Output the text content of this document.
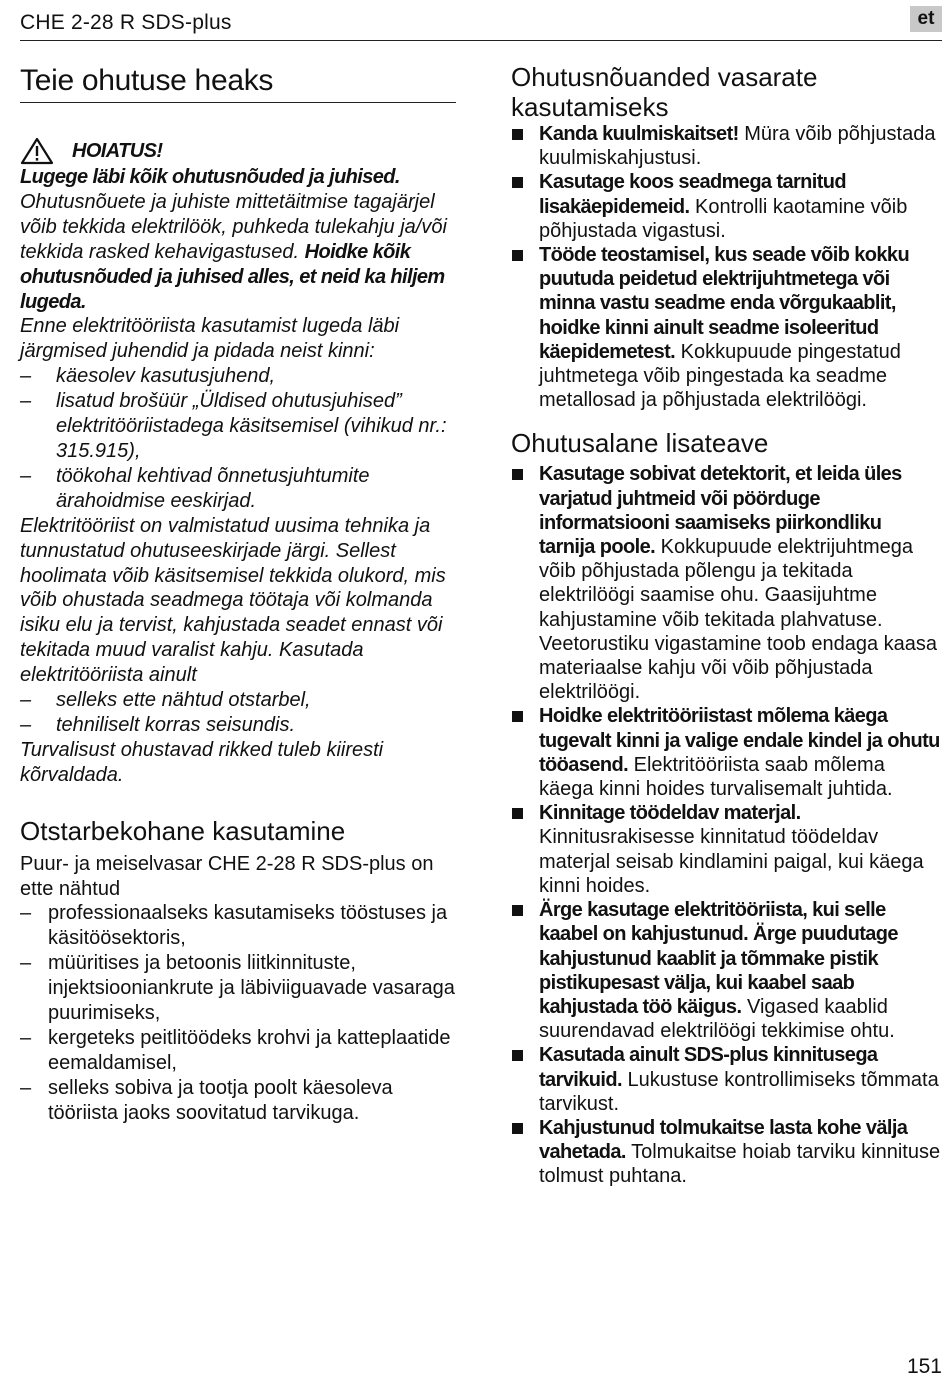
CHE 2-28 R SDS-plus	et
Teie ohutuse heaks
HOIATUS!

Lugege läbi kõik ohutusnõuded ja juhised. Ohutusnõuete ja juhiste mittetäitmise tagajärjel võib tekkida elektrilöök, puhkeda tulekahju ja/või tekkida rasked kehavigastused. Hoidke kõik ohutusnõuded ja juhised alles, et neid ka hiljem lugeda.

Enne elektritööriista kasutamist lugeda läbi järgmised juhendid ja pidada neist kinni:

– käesolev kasutusjuhend,
– lisatud brošüür „Üldised ohutusjuhised” elektritööriistadega käsitsemisel (vihikud nr.: 315.915),
– töökohal kehtivad õnnetusjuhtumite ärahoidmise eeskirjad.

Elektritööriist on valmistatud uusima tehnika ja tunnustatud ohutuseeskirjade järgi. Sellest hoolimata võib käsitsemisel tekkida olukord, mis võib ohustada seadmega töötaja või kolmanda isiku elu ja tervist, kahjustada seadet ennast või tekitada muud varalist kahju. Kasutada elektritööriista ainult

– selleks ette nähtud otstarbel,
– tehniliselt korras seisundis.

Turvalisust ohustavad rikked tuleb kiiresti kõrvaldada.

Otstarbekohane kasutamine

Puur- ja meiselvasar CHE 2-28 R SDS-plus on ette nähtud

– professionaalseks kasutamiseks tööstuses ja käsitöösektoris,
– müüritises ja betoonis liitkinnituste, injektsiooniankrute ja läbiviiguavade vasaraga puurimiseks,
– kergeteks peitlitöödeks krohvi ja katteplaatide eemaldamisel,
– selleks sobiva ja tootja poolt käesoleva tööriista jaoks soovitatud tarvikuga.
Ohutusnõuanded vasarate kasutamiseks
Kanda kuulmiskaitset! Müra võib põhjustada kuulmiskahjustusi.
Kasutage koos seadmega tarnitud lisakäepidemeid. Kontrolli kaotamine võib põhjustada vigastusi.
Tööde teostamisel, kus seade võib kokku puutuda peidetud elektrijuhtmetega või minna vastu seadme enda võrgukaablit, hoidke kinni ainult seadme isoleeritud käepidemetest. Kokkupuude pingestatud juhtmetega võib pingestada ka seadme metallosad ja põhjustada elektrilöögi.
Ohutusalane lisateave
Kasutage sobivat detektorit, et leida üles varjatud juhtmeid või pöörduge informatsiooni saamiseks piirkondliku tarnija poole. Kokkupuude elektrijuhtmega võib põhjustada põlengu ja tekitada elektrilöögi saamise ohu. Gaasijuhtme kahjustamine võib tekitada plahvatuse. Veetorustiku vigastamine toob endaga kaasa materiaalse kahju või võib põhjustada elektrilöögi.
Hoidke elektritööriistast mõlema käega tugevalt kinni ja valige endale kindel ja ohutu tööasend. Elektritööriista saab mõlema käega kinni hoides turvalisemalt juhtida.
Kinnitage töödeldav materjal. Kinnitusrakisesse kinnitatud töödeldav materjal seisab kindlamini paigal, kui käega kinni hoides.
Ärge kasutage elektritööriista, kui selle kaabel on kahjustunud. Ärge puudutage kahjustunud kaablit ja tõmmake pistik pistikupesast välja, kui kaabel saab kahjustada töö käigus. Vigased kaablid suurendavad elektrilöögi tekkimise ohtu.
Kasutada ainult SDS-plus kinnitusega tarvikuid. Lukustuse kontrollimiseks tõmmata tarvikust.
Kahjustunud tolmukaitse lasta kohe välja vahetada. Tolmukaitse hoiab tarviku kinnituse tolmust puhtana.
151
